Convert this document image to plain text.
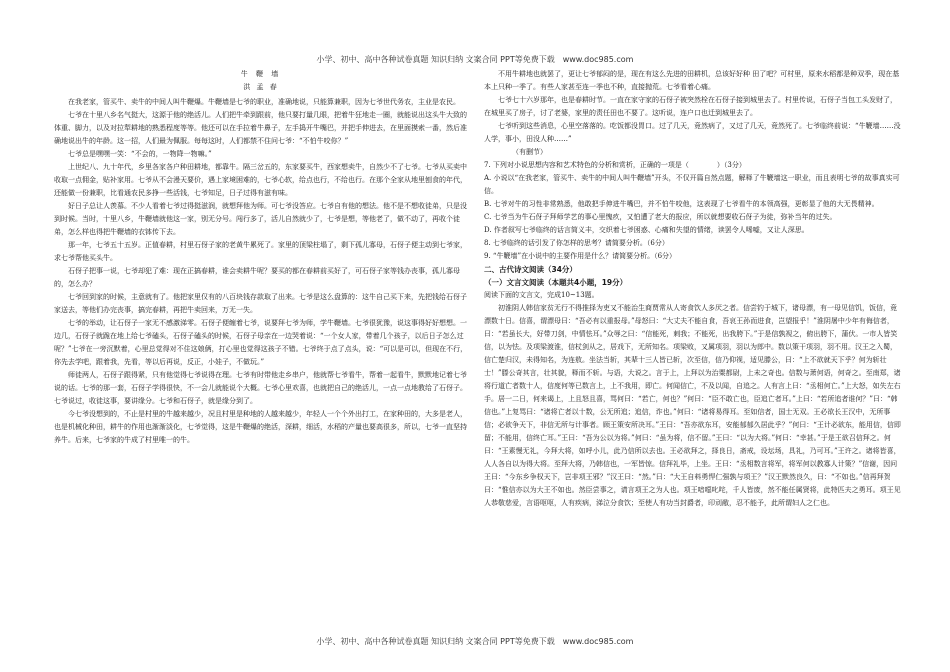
小学、初中、高中各种试卷真题 知识归纳 文案合同 PPT等免费下载 www.doc985.com

牛 鞭 墙

洪 孟 春

在我老家，管买牛、卖牛的中间人叫牛鞭爆。牛鞭墙是七爷的职业，准确地说，只能算兼职，因为七爷世代务农，主业是农民。

七爷在十里八乡名气挺大，这源于他的绝活儿。人们把牛牵到跟前，他只要打量几眼，把着牛狂地走一圈，就能说出这头牛大致的体重、脚力，以及对拉犁耕地的熟悉程度等等。他还可以在手拉着牛鼻子，左手捣开牛嘴巴，并把手伸进去，在里面摸索一番，然后准确地说出牛的年龄。这一招，人们最为佩服。每每这时，人们都禁不住问七爷：“不怕牛咬你？”

七爷总是嘿嘿一笑：“不会的，一物降一物嘛。”

上世纪八、九十年代，乡里各家各户种田耕地，都靠牛。隔三岔五的，东家要买牛，西家想卖牛，自然少不了七爷。七爷从买卖中收取一点佣金，贴补家用。七爷从不会漫天要价，遇上家境困难的，七爷心软，给点也行，不给也行。在那个全家从地里刨食的年代，还能做一份兼职，比看通农民多挣一些活钱，七爷知足，日子过得有滋有味。

好日子总让人羡慕。不少人看着七爷过得挺滋润，就想拜他为师。可七爷没答应。七爷自有他的想法。他不是不想收徒弟，只是没到时候。当时，十里八乡，牛鞭墙就他这一家，别无分号。闯行多了，活儿自然就少了，七爷是想，等他老了，做不动了，再收个徒弟，怎么样也得把牛鞭墙的衣钵传下去。

那一年，七爷五十五岁。正值春耕，村里石伢子家的老黄牛累死了。家里的顶梁柱塌了，剩下孤儿寡母，石伢子便主动到七爷家，求七爷帮他买头牛。

石伢子把事一说，七爷却犯了难：现在正搞春耕，谁会卖耕牛呢？要买的都在春耕前买好了，可石伢子家等钱办丧事，孤儿寡母的，怎么办？

七爷回到家的时候，主意就有了。他把家里仅有的八百块钱存款取了出来。七爷是这么盘算的：这牛自己买下来，先把钱给石伢子家送去，等他们办完丧事，搞完春耕，再把牛卖回来，万无一失。

七爷的举动，让石伢子一家无不感激涕零。石伢子便缠着七爷，说要拜七爷为师，学牛鞭墙。七爷很犹豫，说这事得好好想想。一边几，石伢子就跪在地上给七爷磕头，石伢子磕头的时候，石伢子母亲在一边哭着说：“一个女人家，带着几个孩子，以后日子怎么过呢？”七爷在一旁沉默着，心里总觉得对不住这娘俩，打心里也觉得这孩子不错。七爷终于点了点头，说：“可以是可以，但现在不行，你先去学吧，跟着我，先看，等以后再说，反正，小娃子，不做玩。”

师徒两人，石伢子跟得紧，只有他觉得七爷说得在理。七爷有时带他走乡串户，他就帮七爷看牛，帮着一起看牛，默默地记着七爷说的话。七爷的那一套，石伢子学得很快，不一会儿就能说个大概。七爷心里欢喜，也就把自己的绝活儿，一点一点地教给了石伢子。七爷说过，收徒这事，要讲缘分。七爷和石伢子，就是缘分到了。

今七爷没想到的，不止是村里的牛越来越少，况且村里是种地的人越来越少，年轻人一个个外出打工，在家种田的，大多是老人，也是机械化种田，耕牛的作用也渐渐淡化，七爷觉得，这是牛鞭爆的绝活，深耕，细活，水稻的产量也要高很多，所以，七爷一直坚持养牛。后来，七爷家的牛成了村里唯一的牛。

不用牛耕地也就罢了，更让七爷郁闷的是，现在有这么先进的田耕机，总该好好种 田了吧？可村里，原来水稻都是种双季，现在基本上只种一季了。有些人家甚至连一季也不种，直接抛荒。七爷看着心痛。

七爷七十六岁那年，也是春耕时节。一直在家守家的石伢子被突然栓在石伢子接到城里去了。村里传说，石伢子当包工头发财了，在城里买了房子，讨了老婆，家里的责任田也不要了。这听说，连户口也迁到城里去了。

七爷听到这些消息，心里空落落的。吃饭都没胃口。过了几天，竟然病了，又过了几天，竟然死了。七爷临终前说：“牛鞭墙……没人学，事小，田没人种……”

（有删节）

7. 下列对小说思想内容和艺术特色的分析和赏析，正确的一项是（　　　　）（3分）

A. 小说以“在我老家，管买牛、卖牛的中间人叫牛鞭墙”开头，不仅开篇自然点题，解释了牛鞭墙这一职业，而且表明七爷的故事真实可信。

B. 七爷对牛的习性非常熟悉，他敢把手伸进牛嘴巴，并不怕牛咬他，这表现了七爷看牛的本领高强，更彰显了他的大无畏精神。

C. 七爷当为牛石伢子拜师学艺的事心里愧疚，又怕遭了老大的报应，所以就想要收石伢子为徒，弥补当年的过失。

D. 作者叙写七爷临终的话言简义丰，交织着七爷困惑、心痛和失望的情绪，读罢令人唏嘘，又让人深思。

8. 七爷临终的话引发了你怎样的思考？请简要分析。（6分）

9. “牛鞭墙”在小说中的主要作用是什么？请简要分析。（6分）

二、古代诗文阅读（34分）

（一）文言文阅读（本题共4小题，19分）

阅读下面的文言文，完成10~13题。

初淮阴人韩信家贫无行不得推择为吏又不能治生商贾常从人寄食饮人多厌之者。信尝钓于城下，诸母漂，有一母见信饥，饭信，竟漂数十日。信喜，谓漂母曰：“吾必有以重报母。”母怒曰：“大丈夫不能自食，吾哀王孙而进食，岂望报乎！”淮阴屠中少年有侮信者，曰：“若虽长大，好带刀剑，中情怯耳。”众辱之曰：“信能死，刺我；不能死，出我胯下。”于是信孰视之，俯出胯下，蒲伏。一市人皆笑信，以为怯。及项梁渡淮，信杖剑从之，居戏下，无所知名。项梁败，又属项羽，羽以为郎中。数以策干项羽，羽不用。汉王之入蜀，信亡楚归汉，未得知名，为连敖。坐法当斩，其辈十三人皆已斩，次至信，信乃仰视，适见滕公，曰：“上不欲就天下乎？何为斩壮士！”滕公奇其言，壮其貌，释而不斩。与语，大说之。言于上，上拜以为治粟都尉，上未之奇也。信数与萧何语，何奇之。至南郑，诸将行道亡者数十人，信度何等已数言上，上不我用，即亡。何闻信亡，不及以闻，自追之。人有言上曰：“丞相何亡。”上大怒，如失左右手。居一二日，何来谒上，上且怒且喜，骂何曰：“若亡，何也？”何曰：“臣不敢亡也，臣追亡者耳。”上曰：“若所追者谁何？”曰：“韩信也。”上复骂曰：“诸将亡者以十数，公无所追；追信，诈也。”何曰：“诸将易得耳。至如信者，国士无双。王必欲长王汉中，无所事信；必欲争天下，非信无所与计事者。顾王策安所决耳。”王曰：“吾亦欲东耳，安能郁郁久居此乎？”何曰：“王计必欲东，能用信，信即留；不能用，信终亡耳。”王曰：“吾为公以为将。”何曰：“虽为将，信不留。”王曰：“以为大将。”何曰：“幸甚。”于是王欲召信拜之。何曰：“王素慢无礼，今拜大将，如呼小儿，此乃信所以去也。王必欲拜之，择良日，斋戒，设坛场，具礼，乃可耳。”王许之。诸将皆喜，人人各自以为得大将。至拜大将，乃韩信也，一军皆惊。信拜礼毕，上坐。王曰：“丞相数言将军，将军何以教寡人计策？”信谢，因问王曰：“今东乡争权天下，岂非项王邪？”汉王曰：“然。”曰：“大王自料勇悍仁强孰与项王？”汉王默然良久，曰：“不如也。”信再拜贺曰：“惟信亦以为大王不如也。然臣尝事之，请言项王之为人也。项王喑噁叱咤，千人皆废，然不能任属贤将，此特匹夫之勇耳。项王见人恭敬慈爱，言语呕呕，人有疾病，涕泣分食饮；至使人有功当封爵者，印刓敝，忍不能予，此所谓妇人之仁也。

小学、初中、高中各种试卷真题 知识归纳 文案合同 PPT等免费下载 www.doc985.com
